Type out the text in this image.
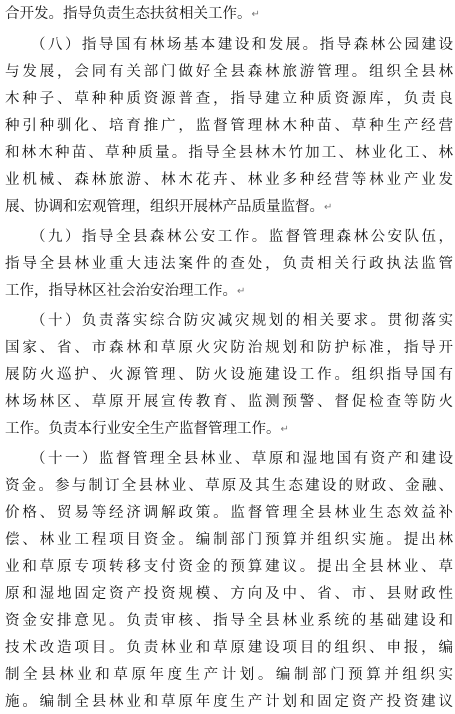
合开发。指导负责生态扶贫相关工作。↵
（八）指导国有林场基本建设和发展。指导森林公园建设
与发展，会同有关部门做好全县森林旅游管理。组织全县林
木种子、草种种质资源普查，指导建立种质资源库，负责良
种引种驯化、培育推广，监督管理林木种苗、草种生产经营
和林木种苗、草种质量。指导全县林木竹加工、林业化工、林
业机械、森林旅游、林木花卉、林业多种经营等林业产业发
展、协调和宏观管理，组织开展林产品质量监督。↵
（九）指导全县森林公安工作。监督管理森林公安队伍，
指导全县林业重大违法案件的查处，负责相关行政执法监管
工作，指导林区社会治安治理工作。↵
（十）负责落实综合防灾减灾规划的相关要求。贯彻落实
国家、省、市森林和草原火灾防治规划和防护标准，指导开
展防火巡护、火源管理、防火设施建设工作。组织指导国有
林场林区、草原开展宣传教育、监测预警、督促检查等防火
工作。负责本行业安全生产监督管理工作。↵
（十一）监督管理全县林业、草原和湿地国有资产和建设
资金。参与制订全县林业、草原及其生态建设的财政、金融、
价格、贸易等经济调解政策。监督管理全县林业生态效益补
偿、林业工程项目资金。编制部门预算并组织实施。提出林
业和草原专项转移支付资金的预算建议。提出全县林业、草
原和湿地固定资产投资规模、方向及中、省、市、县财政性
资金安排意见。负责审核、指导全县林业系统的基础建设和
技术改造项目。负责林业和草原建设项目的组织、申报，编
制全县林业和草原年度生产计划。编制部门预算并组织实
施。编制全县林业和草原年度生产计划和固定资产投资建议
